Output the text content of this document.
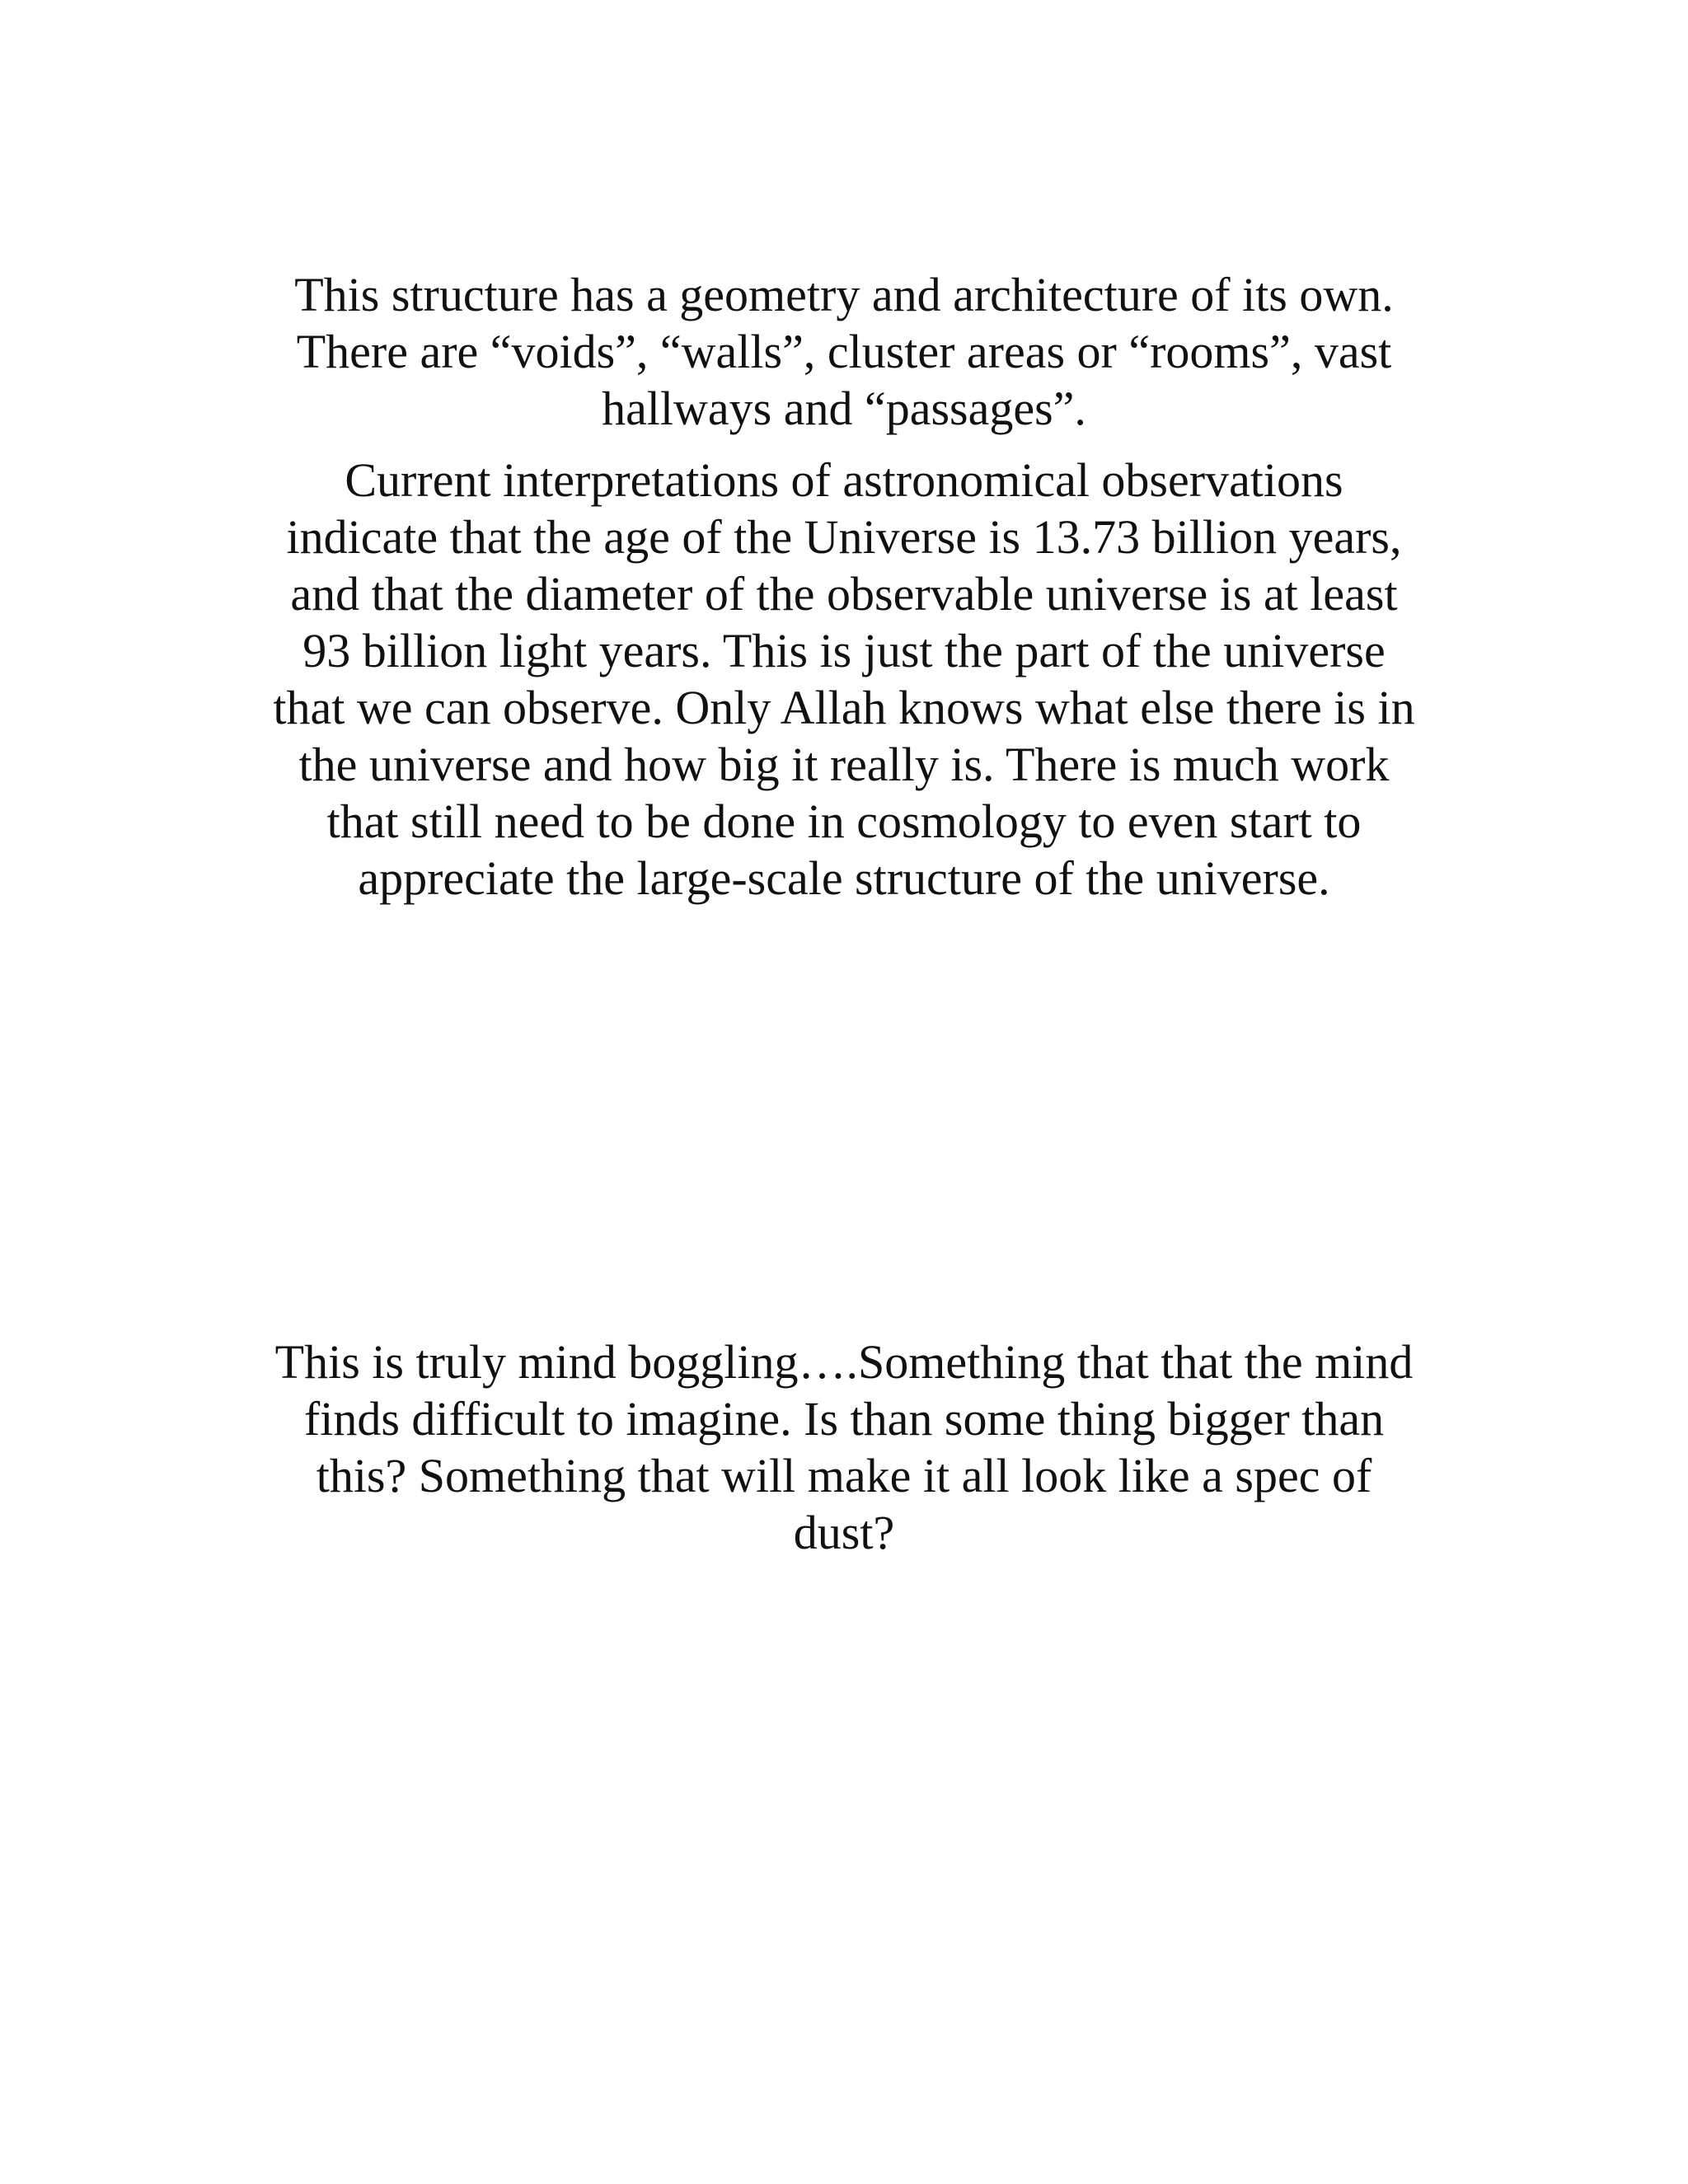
This structure has a geometry and architecture of its own.
There are “voids”, “walls”, cluster areas or “rooms”, vast
hallways and “passages”.

Current interpretations of astronomical observations
indicate that the age of the Universe is 13.73 billion years,
and that the diameter of the observable universe is at least
93 billion light years. This is just the part of the universe
that we can observe. Only Allah knows what else there is in
the universe and how big it really is. There is much work
that still need to be done in cosmology to even start to
appreciate the large-scale structure of the universe.

This is truly mind boggling….Something that that the mind
finds difficult to imagine. Is than some thing bigger than
this? Something that will make it all look like a spec of
dust?
